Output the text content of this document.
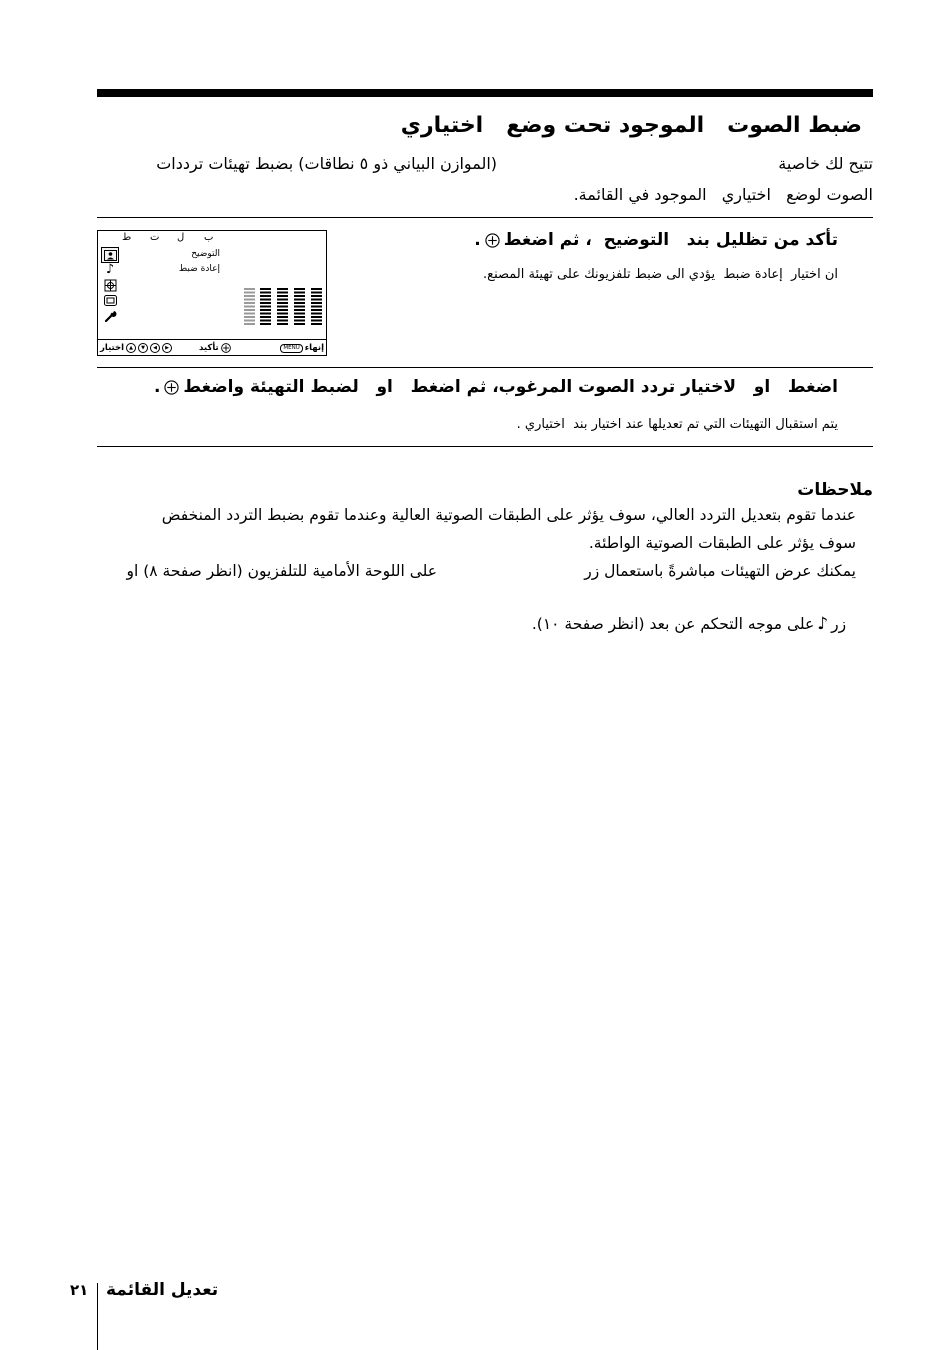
ضبط الصوت   الموجود تحت وضع   اختياري
تتيح لك خاصية
(الموازن البياني ذو ٥ نطاقات) بضبط تهيئات ترددات
الصوت لوضع   اختياري   الموجود في القائمة.
تأكد من تظليل بند   التوضيح  ، ثم اضغط
.
ان اختيار  إعادة ضبط  يؤدي الى ضبط تلفزيونك على تهيئة المصنع.
ط ت ل ب
♪
التوضيح
إعادة ضبط
اختيار	▲	▼	◀	▶	تأكيد	MENU إنهاء
اضغط   او   لاختيار تردد الصوت المرغوب، ثم اضغط   او   لضبط التهيئة واضغط
.
يتم استقبال التهيئات التي تم تعديلها عند اختيار بند  اختياري .
ملاحظات
عندما تقوم بتعديل التردد العالي، سوف يؤثر على الطبقات الصوتية العالية وعندما تقوم بضبط التردد المنخفض
سوف يؤثر على الطبقات الصوتية الواطئة.
يمكنك عرض التهيئات مباشرةً باستعمال زر
على اللوحة الأمامية للتلفزيون (انظر صفحة ٨) او

زر♪على موجه التحكم عن بعد (انظر صفحة ١٠).

٢١ تعديل القائمة
